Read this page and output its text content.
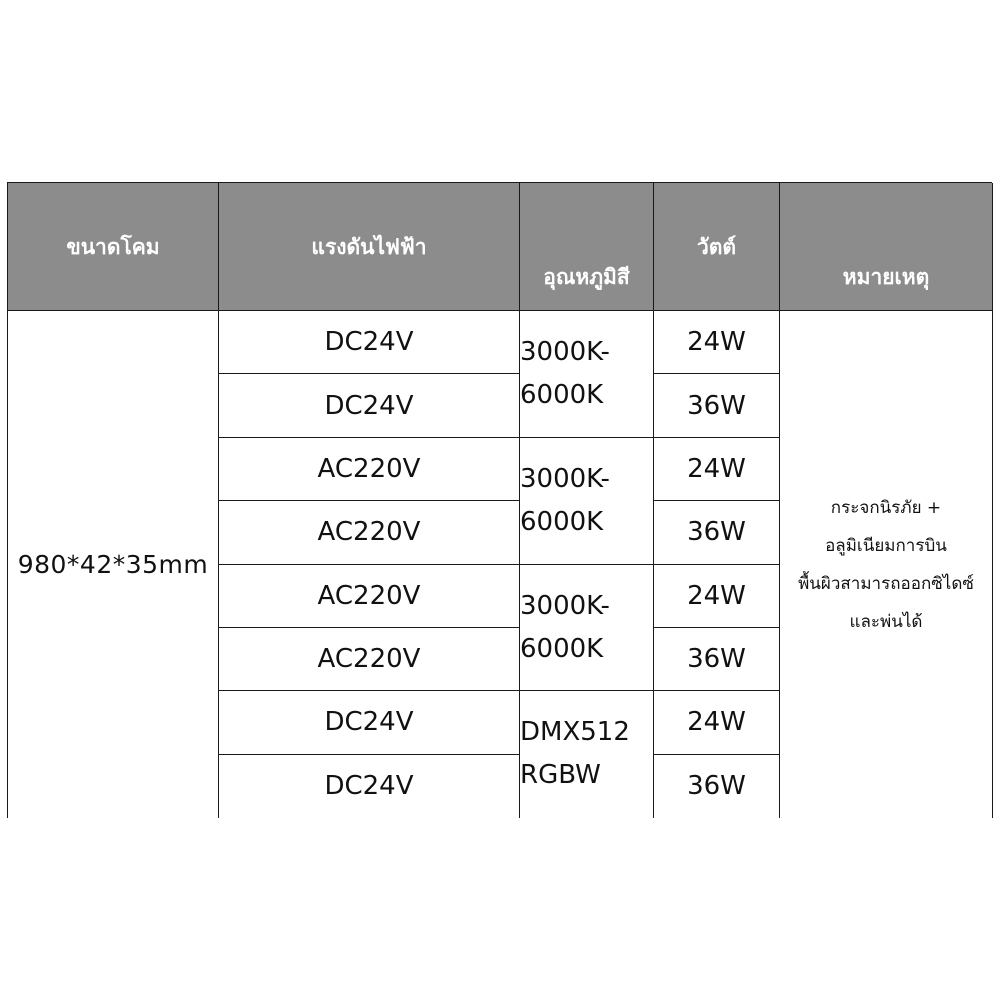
ขนาดโคม	แรงดันไฟฟ้า
อุณหภูมิสี
วัตต์
หมายเหตุ
980*42*35mm
DC24V
DC24V
AC220V
AC220V
AC220V
AC220V
DC24V
DC24V
3000K-
6000K
3000K-
6000K
3000K-
6000K
DMX512
RGBW
24W
36W
24W
36W
24W
36W
24W
36W
กระจกนิรภัย +
อลูมิเนียมการบิน
พื้นผิวสามารถออกซิไดซ์
และพ่นได้
